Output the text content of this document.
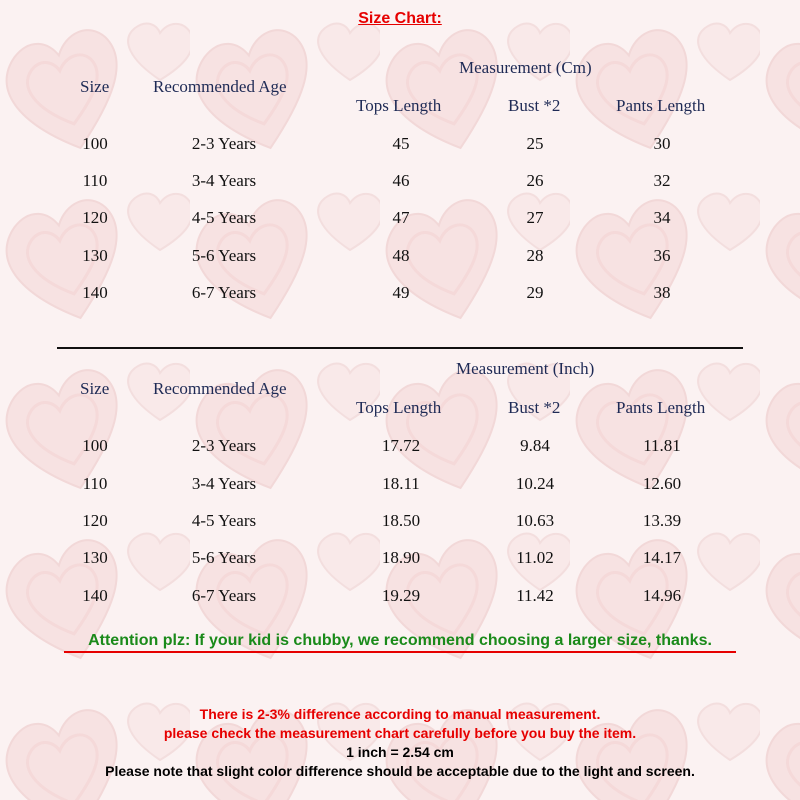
Size Chart:
Measurement (Cm)
Size	Recommended Age
Tops Length	Bust *2	Pants Length
100	2-3 Years	45	25	30
110	3-4 Years	46	26	32
120	4-5 Years	47	27	34
130	5-6 Years	48	28	36
140	6-7 Years	49	29	38
Measurement (Inch)
Size	Recommended Age
Tops Length	Bust *2	Pants Length
100	2-3 Years	17.72	9.84	11.81
110	3-4 Years	18.11	10.24	12.60
120	4-5 Years	18.50	10.63	13.39
130	5-6 Years	18.90	11.02	14.17
140	6-7 Years	19.29	11.42	14.96
Attention plz: If your kid is chubby, we recommend choosing a larger size, thanks.
There is 2-3% difference according to manual measurement.
please check the measurement chart carefully before you buy the item.
1 inch = 2.54 cm
Please note that slight color difference should be acceptable due to the light and screen.
